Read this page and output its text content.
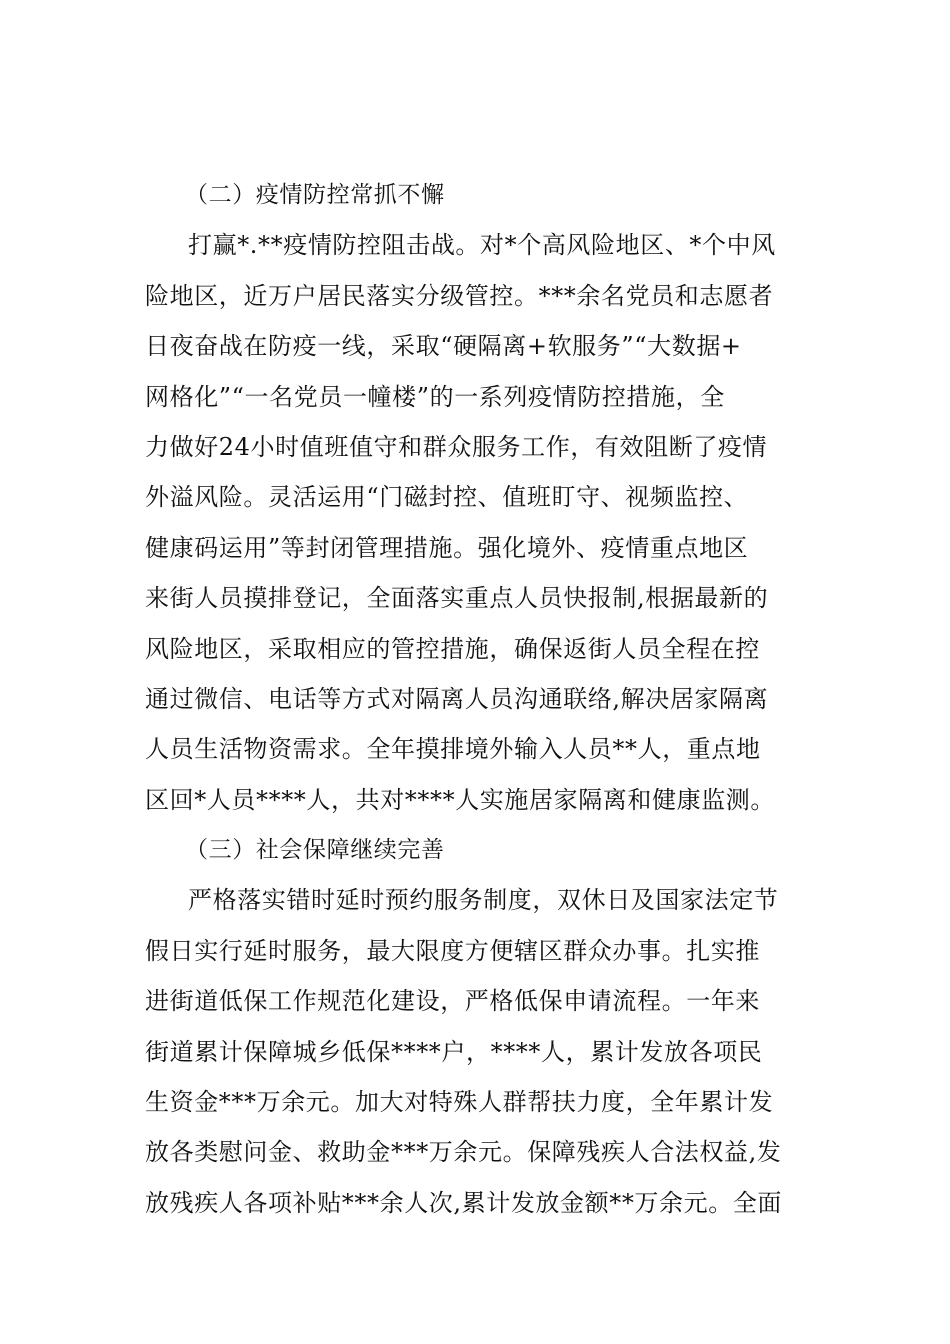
（二）疫情防控常抓不懈
打赢*.**疫情防控阻击战。对*个高风险地区、*个中风
险地区，近万户居民落实分级管控。***余名党员和志愿者
日夜奋战在防疫一线，采取“硬隔离+软服务”“大数据+
网格化”“一名党员一幢楼”的一系列疫情防控措施，全
力做好24小时值班值守和群众服务工作，有效阻断了疫情
外溢风险。灵活运用“门磁封控、值班盯守、视频监控、
健康码运用”等封闭管理措施。强化境外、疫情重点地区
来街人员摸排登记，全面落实重点人员快报制,根据最新的
风险地区，采取相应的管控措施，确保返街人员全程在控
通过微信、电话等方式对隔离人员沟通联络,解决居家隔离
人员生活物资需求。全年摸排境外输入人员**人，重点地
区回*人员****人，共对****人实施居家隔离和健康监测。
（三）社会保障继续完善
严格落实错时延时预约服务制度，双休日及国家法定节
假日实行延时服务，最大限度方便辖区群众办事。扎实推
进街道低保工作规范化建设，严格低保申请流程。一年来
街道累计保障城乡低保****户，****人，累计发放各项民
生资金***万余元。加大对特殊人群帮扶力度，全年累计发
放各类慰问金、救助金***万余元。保障残疾人合法权益,发
放残疾人各项补贴***余人次,累计发放金额**万余元。全面
